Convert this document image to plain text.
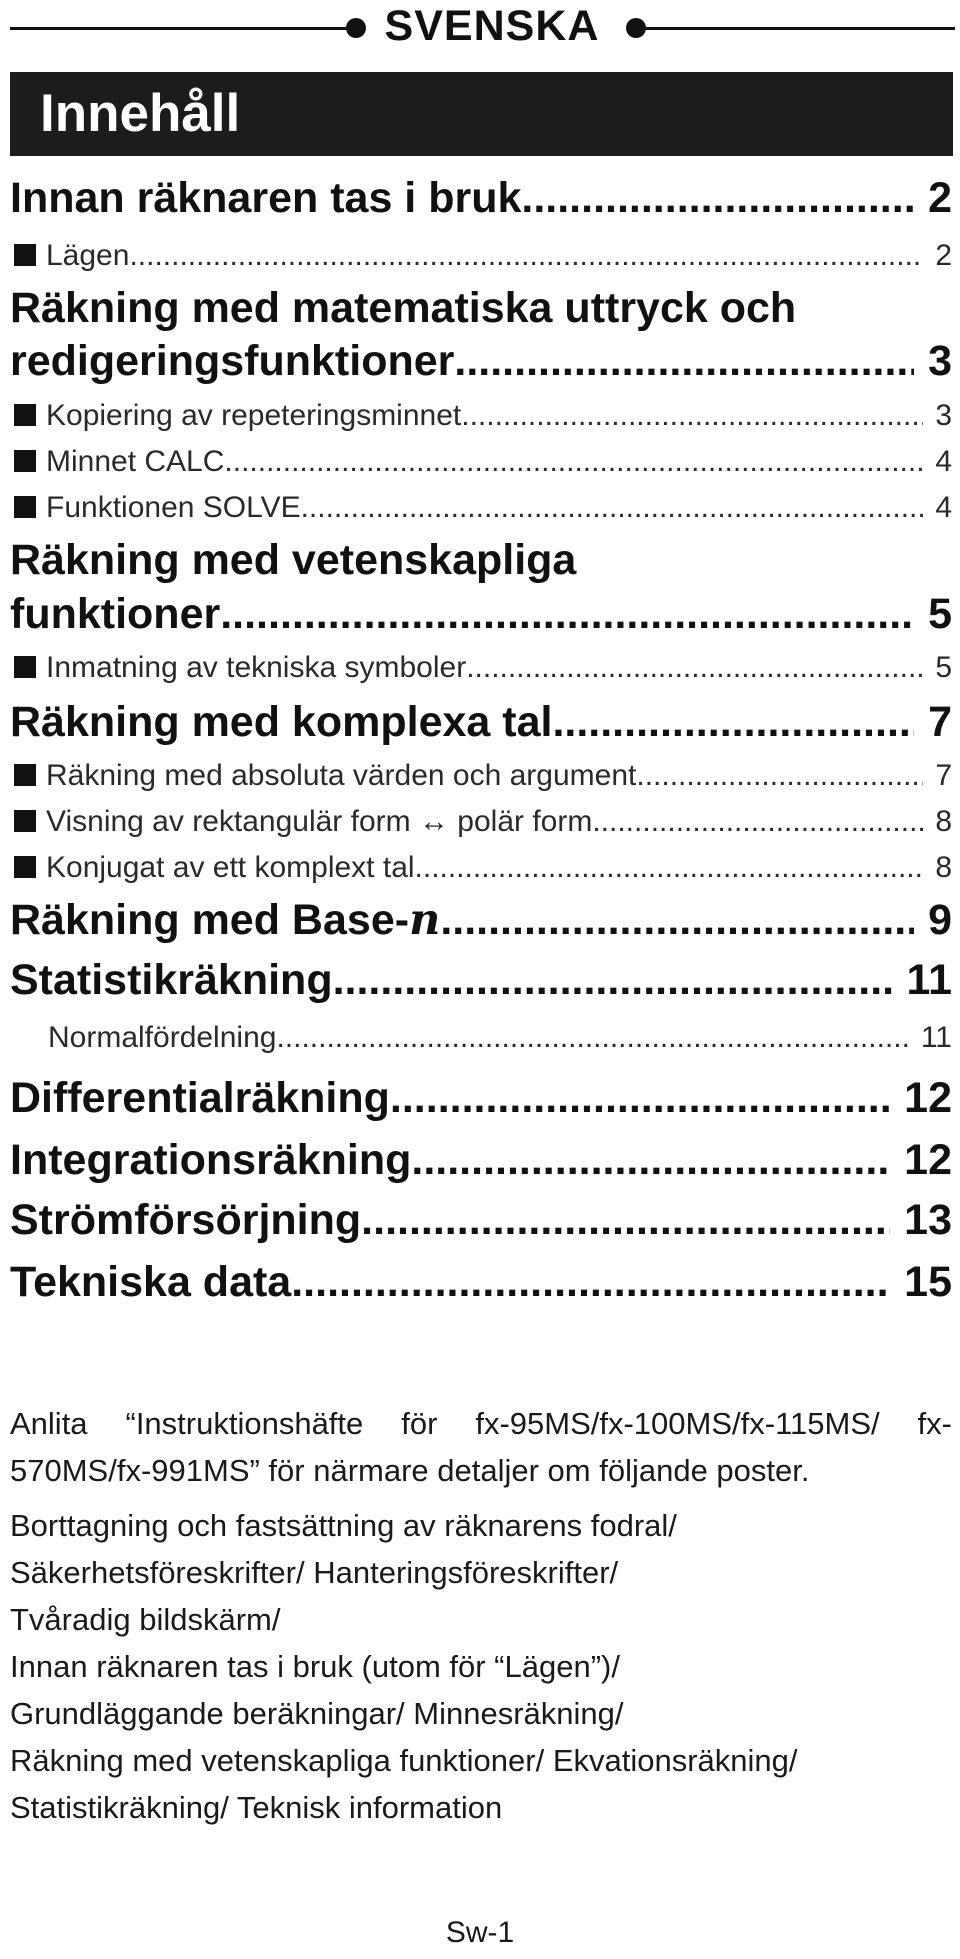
SVENSKA
Innehåll
Innan räknaren tas i bruk .....	2
Lägen .....	2
Räkning med matematiska uttryck och
redigeringsfunktioner .....	3
Kopiering av repeteringsminnet .....	3
Minnet CALC .....	4
Funktionen SOLVE .....	4
Räkning med vetenskapliga
funktioner .....	5
Inmatning av tekniska symboler .....	5
Räkning med komplexa tal .....	7
Räkning med absoluta värden och argument .....	7
Visning av rektangulär form ↔ polär form .....	8
Konjugat av ett komplext tal .....	8
Räkning med Base-n .....	9
Statistikräkning .....	11
Normalfördelning .....	11
Differentialräkning .....	12
Integrationsräkning .....	12
Strömförsörjning .....	13
Tekniska data .....	15

Anlita “Instruktionshäfte för fx-95MS/fx-100MS/fx-115MS/ fx-570MS/fx-991MS” för närmare detaljer om följande poster.

Borttagning och fastsättning av räknarens fodral/

Säkerhetsföreskrifter/ Hanteringsföreskrifter/

Tvåradig bildskärm/

Innan räknaren tas i bruk (utom för “Lägen”)/

Grundläggande beräkningar/ Minnesräkning/

Räkning med vetenskapliga funktioner/ Ekvationsräkning/

Statistikräkning/ Teknisk information

Sw-1
